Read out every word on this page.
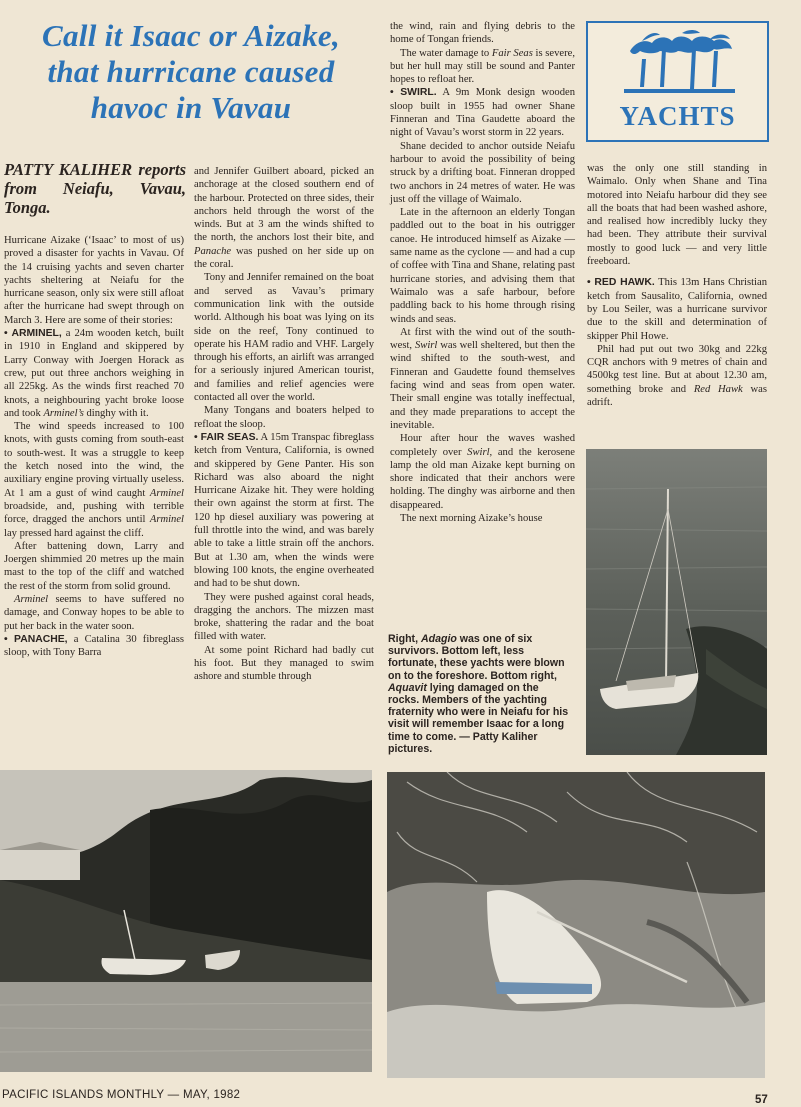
Call it Isaac or Aizake,
that hurricane caused
havoc in Vavau
PATTY KALIHER reports from Neiafu, Vavau, Tonga.

Hurricane Aizake (‘Isaac’ to most of us) proved a disaster for yachts in Vavau. Of the 14 cruising yachts and seven charter yachts sheltering at Neiafu for the hurricane season, only six were still afloat after the hurricane had swept through on March 3. Here are some of their stories:

• ARMINEL, a 24m wooden ketch, built in 1910 in England and skippered by Larry Conway with Joergen Horack as crew, put out three anchors weighing in all 225kg. As the winds first reached 70 knots, a neighbouring yacht broke loose and took Arminel’s dinghy with it.

The wind speeds increased to 100 knots, with gusts coming from south-east to south-west. It was a struggle to keep the ketch nosed into the wind, the auxiliary engine proving virtually useless. At 1 am a gust of wind caught Arminel broadside, and, pushing with terrible force, dragged the anchors until Arminel lay pressed hard against the cliff.

After battening down, Larry and Joergen shimmied 20 metres up the main mast to the top of the cliff and watched the rest of the storm from solid ground.

Arminel seems to have suffered no damage, and Conway hopes to be able to put her back in the water soon.

• PANACHE, a Catalina 30 fibreglass sloop, with Tony Barra

and Jennifer Guilbert aboard, picked an anchorage at the closed southern end of the harbour. Protected on three sides, their anchors held through the worst of the winds. But at 3 am the winds shifted to the north, the anchors lost their bite, and Panache was pushed on her side up on the coral.

Tony and Jennifer remained on the boat and served as Vavau’s primary communication link with the outside world. Although his boat was lying on its side on the reef, Tony continued to operate his HAM radio and VHF. Largely through his efforts, an airlift was arranged for a seriously injured American tourist, and families and relief agencies were contacted all over the world.

Many Tongans and boaters helped to refloat the sloop.

• FAIR SEAS. A 15m Transpac fibreglass ketch from Ventura, California, is owned and skippered by Gene Panter. His son Richard was also aboard the night Hurricane Aizake hit. They were holding their own against the storm at first. The 120 hp diesel auxiliary was powering at full throttle into the wind, and was barely able to take a little strain off the anchors. But at 1.30 am, when the winds were blowing 100 knots, the engine overheated and had to be shut down.

They were pushed against coral heads, dragging the anchors. The mizzen mast broke, shattering the radar and the boat filled with water.

At some point Richard had badly cut his foot. But they managed to swim ashore and stumble through

the wind, rain and flying debris to the home of Tongan friends.

The water damage to Fair Seas is severe, but her hull may still be sound and Panter hopes to refloat her.

• SWIRL. A 9m Monk design wooden sloop built in 1955 had owner Shane Finneran and Tina Gaudette aboard the night of Vavau’s worst storm in 22 years.

Shane decided to anchor outside Neiafu harbour to avoid the possibility of being struck by a drifting boat. Finneran dropped two anchors in 24 metres of water. He was just off the village of Waimalo.

Late in the afternoon an elderly Tongan paddled out to the boat in his outrigger canoe. He introduced himself as Aizake — same name as the cyclone — and had a cup of coffee with Tina and Shane, relating past hurricane stories, and advising them that Waimalo was a safe harbour, before paddling back to his home through rising winds and seas.

At first with the wind out of the south-west, Swirl was well sheltered, but then the wind shifted to the south-west, and Finneran and Gaudette found themselves facing wind and seas from open water. Their small engine was totally ineffectual, and they made preparations to accept the inevitable.

Hour after hour the waves washed completely over Swirl, and the kerosene lamp the old man Aizake kept burning on shore indicated that their anchors were holding. The dinghy was airborne and then disappeared.

The next morning Aizake’s house

Right, Adagio was one of six survivors. Bottom left, less fortunate, these yachts were blown on to the foreshore. Bottom right, Aquavit lying damaged on the rocks. Members of the yachting fraternity who were in Neiafu for his visit will remember Isaac for a long time to come. — Patty Kaliher pictures.
YACHTS

was the only one still standing in Waimalo. Only when Shane and Tina motored into Neiafu harbour did they see all the boats that had been washed ashore, and realised how incredibly lucky they had been. They attribute their survival mostly to good luck — and very little freeboard.

• RED HAWK. This 13m Hans Christian ketch from Sausalito, California, owned by Lou Seiler, was a hurricane survivor due to the skill and determination of skipper Phil Howe.

Phil had put out two 30kg and 22kg CQR anchors with 9 metres of chain and 4500kg test line. But at about 12.30 am, something broke and Red Hawk was adrift.

PACIFIC ISLANDS MONTHLY — MAY, 1982	57
